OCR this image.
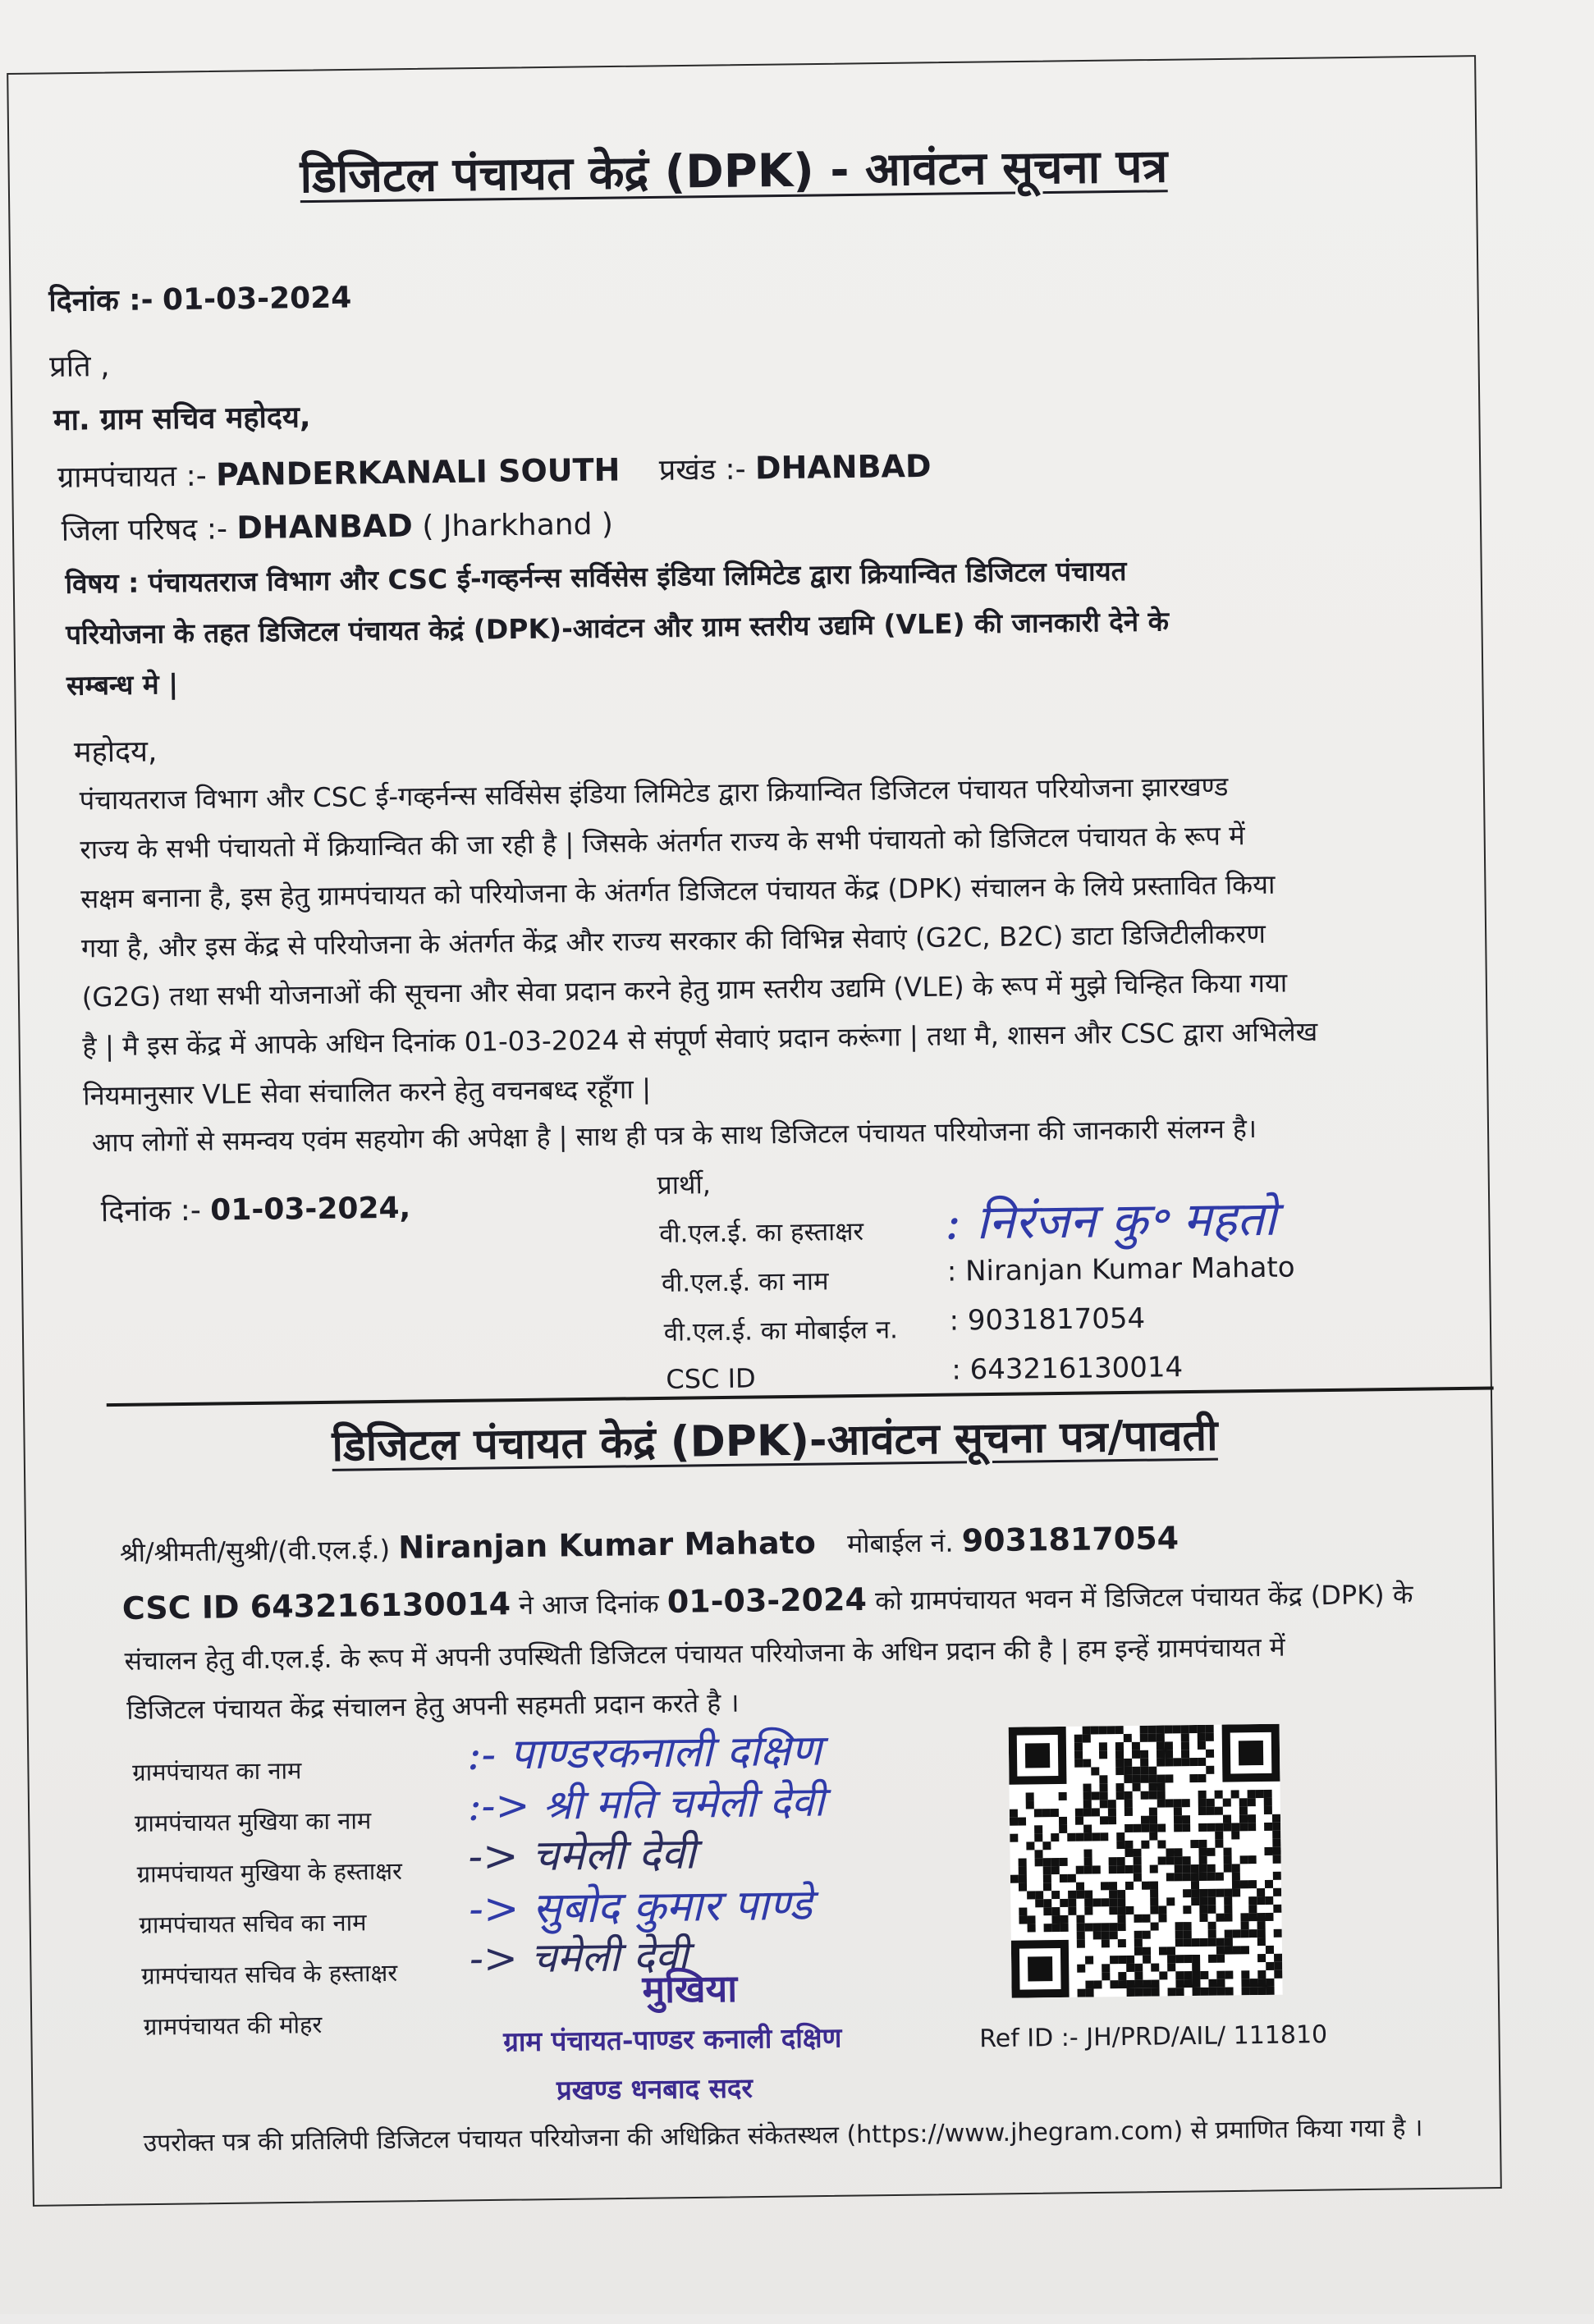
डिजिटल पंचायत केद्रं (DPK) - आवंटन सूचना पत्र
दिनांक :- 01-03-2024
प्रति ,
मा. ग्राम सचिव महोदय,
ग्रामपंचायत :- PANDERKANALI SOUTH प्रखंड :- DHANBAD
जिला परिषद :- DHANBAD ( Jharkhand )
विषय : पंचायतराज विभाग और CSC ई-गव्हर्नन्स सर्विसेस इंडिया लिमिटेड द्वारा क्रियान्वित डिजिटल पंचायत
परियोजना के तहत डिजिटल पंचायत केद्रं (DPK)-आवंटन और ग्राम स्तरीय उद्यमि (VLE) की जानकारी देने के
सम्बन्ध मे |
महोदय,
पंचायतराज विभाग और CSC ई-गव्हर्नन्स सर्विसेस इंडिया लिमिटेड द्वारा क्रियान्वित डिजिटल पंचायत परियोजना झारखण्ड
राज्य के सभी पंचायतो में क्रियान्वित की जा रही है | जिसके अंतर्गत राज्य के सभी पंचायतो को डिजिटल पंचायत के रूप में
सक्षम बनाना है, इस हेतु ग्रामपंचायत को परियोजना के अंतर्गत डिजिटल पंचायत केंद्र (DPK) संचालन के लिये प्रस्तावित किया
गया है, और इस केंद्र से परियोजना के अंतर्गत केंद्र और राज्य सरकार की विभिन्न सेवाएं (G2C, B2C) डाटा डिजिटीलीकरण
(G2G) तथा सभी योजनाओं की सूचना और सेवा प्रदान करने हेतु ग्राम स्तरीय उद्यमि (VLE) के रूप में मुझे चिन्हित किया गया
है | मै इस केंद्र में आपके अधिन दिनांक 01-03-2024 से संपूर्ण सेवाएं प्रदान करूंगा | तथा मै, शासन और CSC द्वारा अभिलेख
नियमानुसार VLE सेवा संचालित करने हेतु वचनबध्द रहूँगा |
आप लोगों से समन्वय एवंम सहयोग की अपेक्षा है | साथ ही पत्र के साथ डिजिटल पंचायत परियोजना की जानकारी संलग्न है।
दिनांक :- 01-03-2024,
प्रार्थी,
वी.एल.ई. का हस्ताक्षर : निरंजन कु॰ महतो
वी.एल.ई. का नाम	: Niranjan Kumar Mahato
वी.एल.ई. का मोबाईल न. : 9031817054
CSC ID	: 643216130014
डिजिटल पंचायत केद्रं (DPK)-आवंटन सूचना पत्र/पावती
श्री/श्रीमती/सुश्री/(वी.एल.ई.) Niranjan Kumar Mahato मोबाईल नं. 9031817054
CSC ID 643216130014 ने आज दिनांक 01-03-2024 को ग्रामपंचायत भवन में डिजिटल पंचायत केंद्र (DPK) के
संचालन हेतु वी.एल.ई. के रूप में अपनी उपस्थिती डिजिटल पंचायत परियोजना के अधिन प्रदान की है | हम इन्हें ग्रामपंचायत में
डिजिटल पंचायत केंद्र संचालन हेतु अपनी सहमती प्रदान करते है ।
ग्रामपंचायत का नाम	:- पाण्डरकनाली दक्षिण
ग्रामपंचायत मुखिया का नाम :-> श्री मति चमेली देवी
ग्रामपंचायत मुखिया के हस्ताक्षर -> चमेली देवी
ग्रामपंचायत सचिव का नाम -> सुबोद कुमार पाण्डे
ग्रामपंचायत सचिव के हस्ताक्षर -> चमेली देवी
ग्रामपंचायत की मोहर
मुखिया
ग्राम पंचायत-पाण्डर कनाली दक्षिण
प्रखण्ड धनबाद सदर
Ref ID :- JH/PRD/AIL/ 111810
उपरोक्त पत्र की प्रतिलिपी डिजिटल पंचायत परियोजना की अधिक्रित संकेतस्थल (https://www.jhegram.com) से प्रमाणित किया गया है ।
